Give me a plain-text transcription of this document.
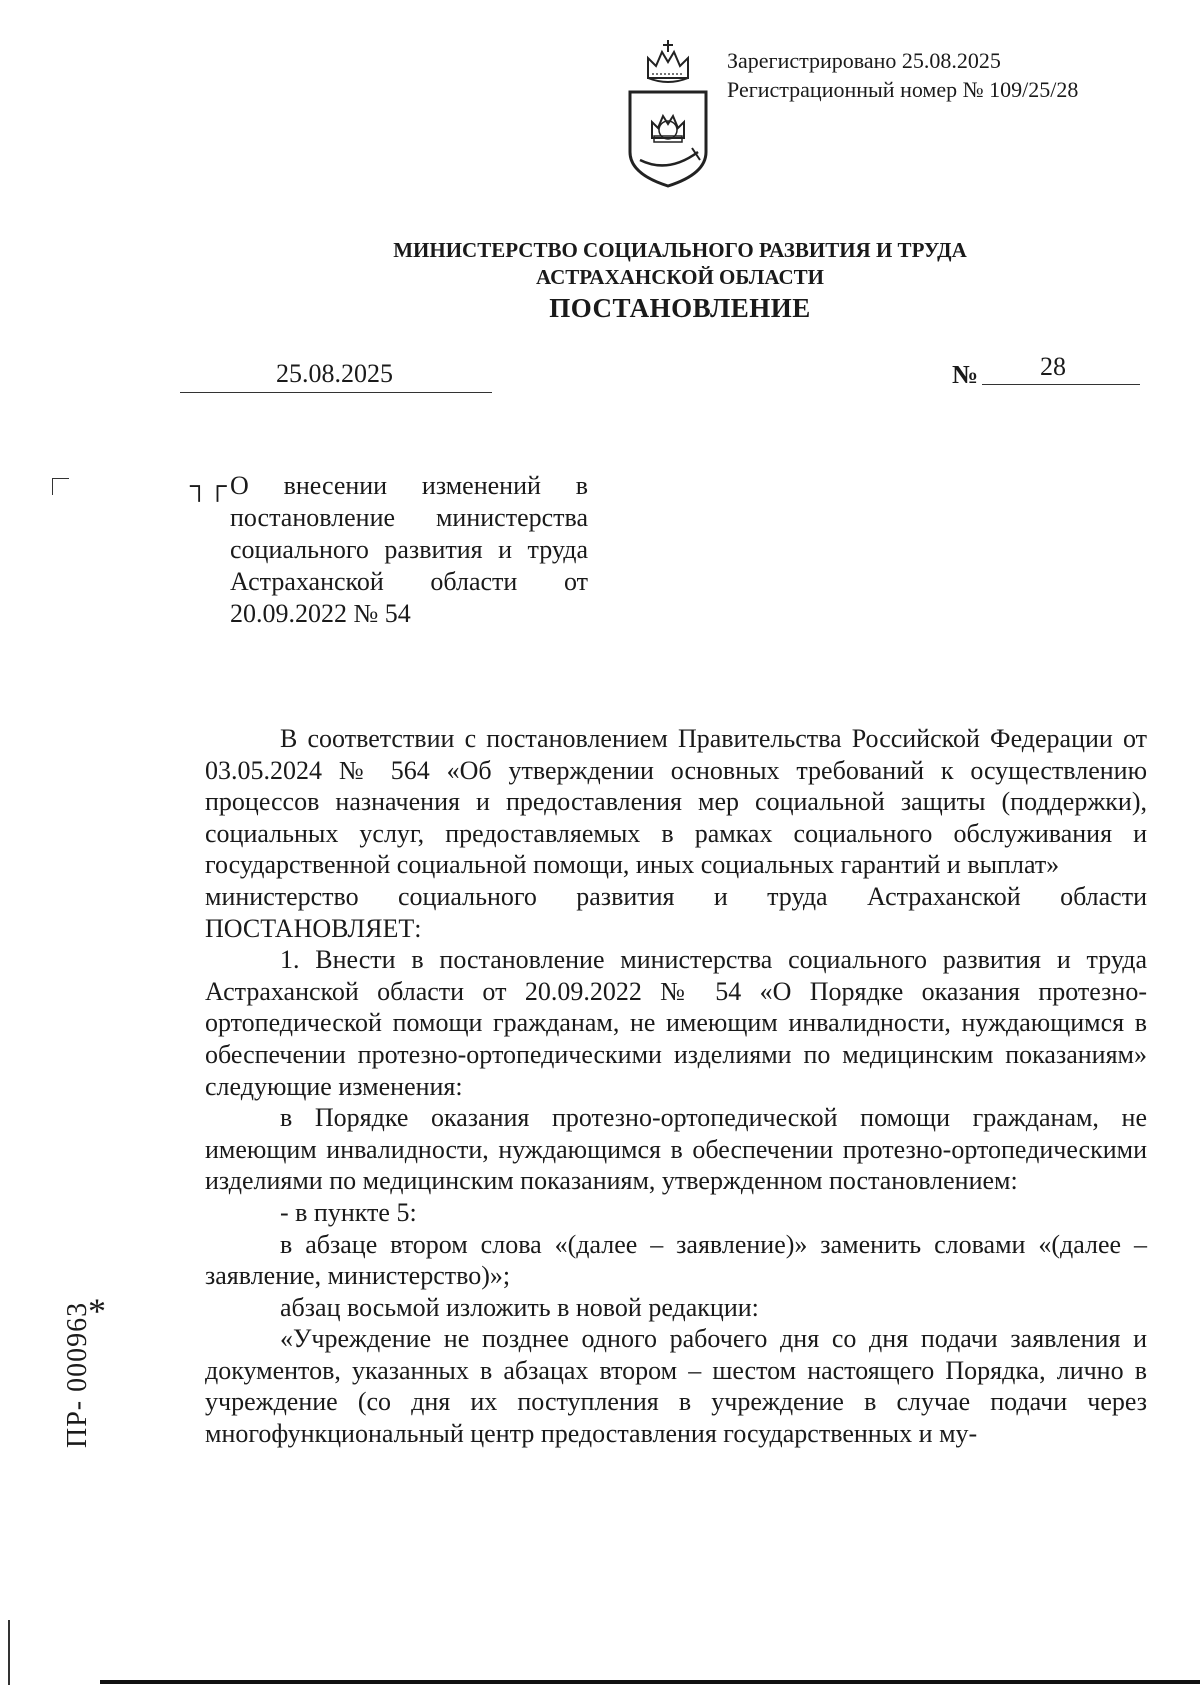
Зарегистрировано 25.08.2025
Регистрационный номер № 109/25/28
МИНИСТЕРСТВО СОЦИАЛЬНОГО РАЗВИТИЯ И ТРУДА
АСТРАХАНСКОЙ ОБЛАСТИ
ПОСТАНОВЛЕНИЕ
25.08.2025	№ 28
┐┌ О внесении изменений в постановление министерства социального развития и труда Астраханской области от 20.09.2022 № 54

В соответствии с постановлением Правительства Российской Федерации от 03.05.2024 № 564 «Об утверждении основных требований к осуществлению процессов назначения и предоставления мер социальной защиты (поддержки), социальных услуг, предоставляемых в рамках социального обслуживания и государственной социальной помощи, иных социальных гарантий и выплат»

министерство социального развития и труда Астраханской области

ПОСТАНОВЛЯЕТ:

1. Внести в постановление министерства социального развития и труда Астраханской области от 20.09.2022 № 54 «О Порядке оказания протезно-ортопедической помощи гражданам, не имеющим инвалидности, нуждающимся в обеспечении протезно-ортопедическими изделиями по медицинским показаниям» следующие изменения:

в Порядке оказания протезно-ортопедической помощи гражданам, не имеющим инвалидности, нуждающимся в обеспечении протезно-ортопедическими изделиями по медицинским показаниям, утвержденном постановлением:

- в пункте 5:

в абзаце втором слова «(далее – заявление)» заменить словами «(далее – заявление, министерство)»;

абзац восьмой изложить в новой редакции:

«Учреждение не позднее одного рабочего дня со дня подачи заявления и документов, указанных в абзацах втором – шестом настоящего Порядка, лично в учреждение (со дня их поступления в учреждение в случае подачи через многофункциональный центр предоставления государственных и му-

*
ПР- 000963
